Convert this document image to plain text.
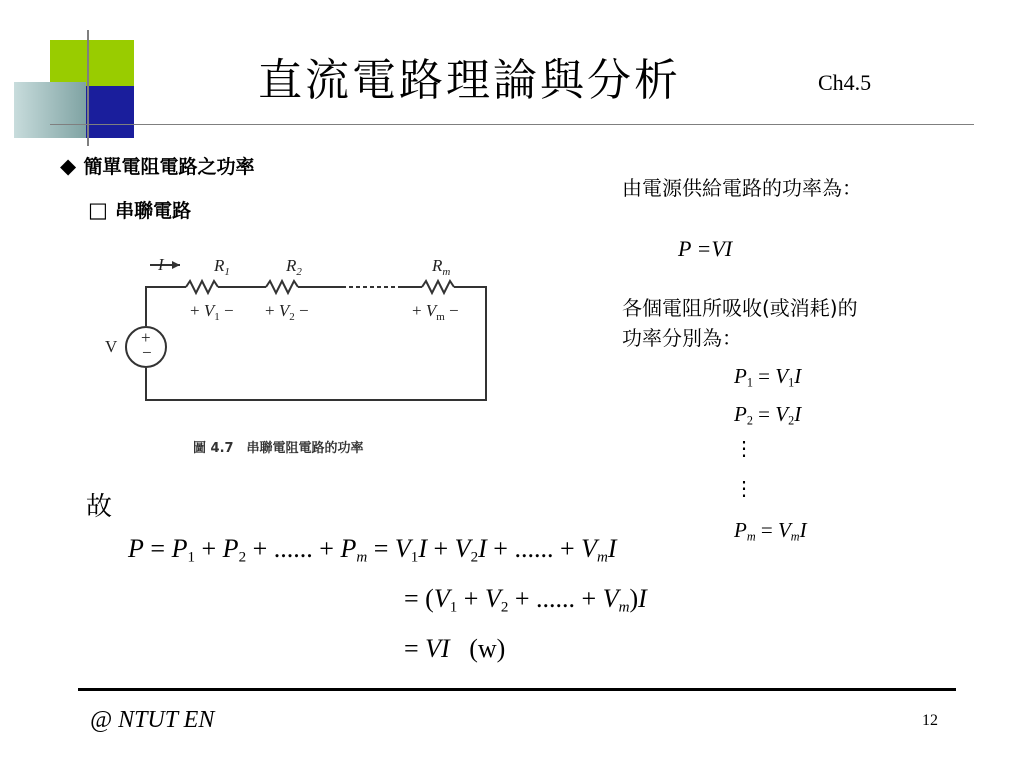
直流電路理論與分析	Ch4.5
◆ 簡單電阻電路之功率
□ 串聯電路
+
−
V
I	$R_1$	$R_2$	$R_m$
+ $V_1$ − + $V_2$ −	+ $V_m$ −
圖 4.7　串聯電阻電路的功率
由電源供給電路的功率為：
P =VI
各個電阻所吸收(或消耗)的
功率分別為：
P1 = V1I
P2 = V2I
⋮
⋮
Pm = VmI
故
P = P1 + P2 + ...... + Pm = V1I + V2I + ...... + VmI
= (V1 + V2 + ...... + Vm)I
= VI (w)
@ NTUT EN	12
